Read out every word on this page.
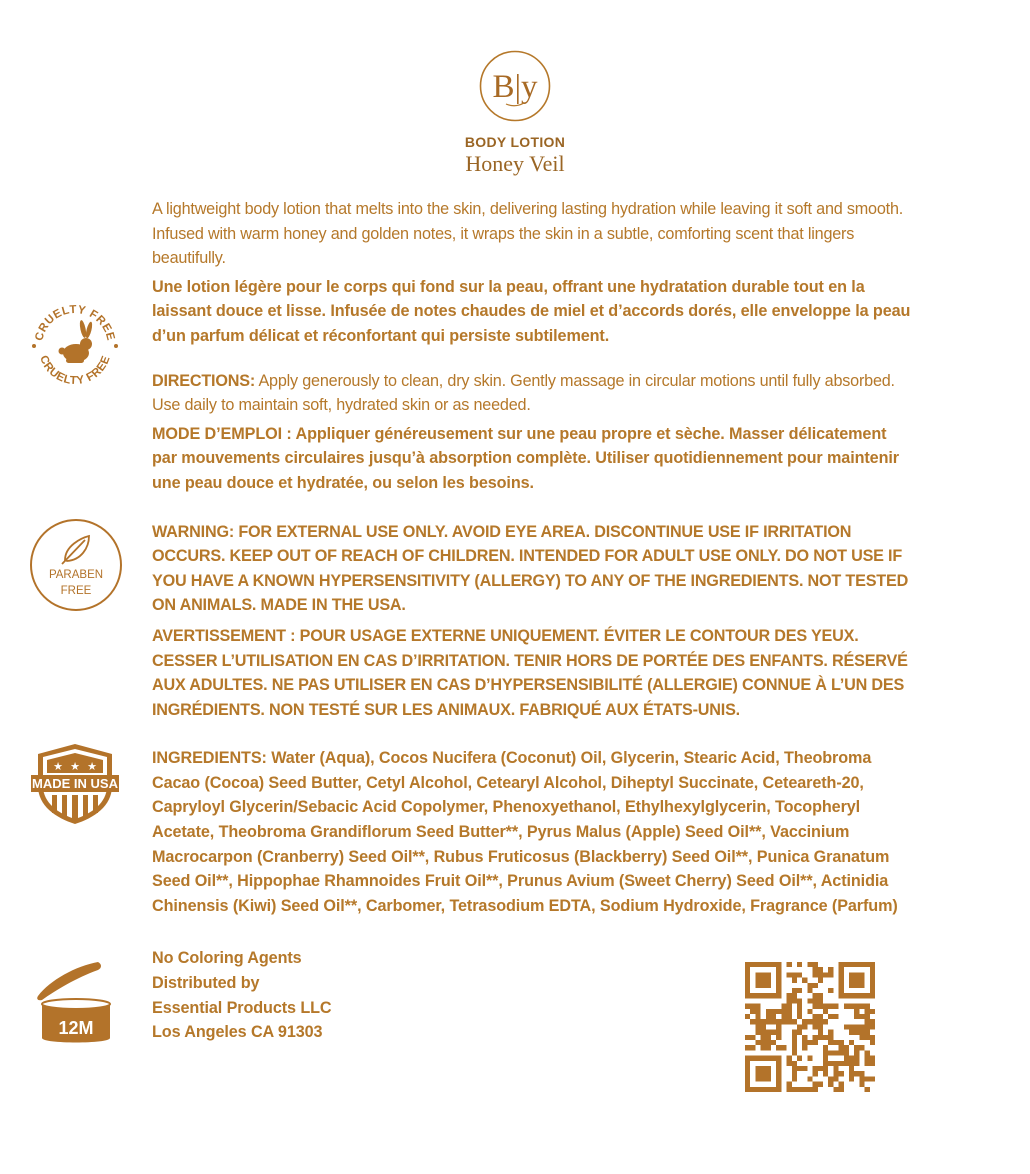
B|y
BODY LOTION
Honey Veil
CRUELTY FREE
CRUELTY FREE
PARABEN
FREE
★ ★ ★
MADE IN USA
12M

A lightweight body lotion that melts into the skin, delivering lasting hydration while leaving it soft and smooth. Infused with warm honey and golden notes, it wraps the skin in a subtle, comforting scent that lingers beautifully.

Une lotion légère pour le corps qui fond sur la peau, offrant une hydratation durable tout en la laissant douce et lisse. Infusée de notes chaudes de miel et d’accords dorés, elle enveloppe la peau d’un parfum délicat et réconfortant qui persiste subtilement.

DIRECTIONS: Apply generously to clean, dry skin. Gently massage in circular motions until fully absorbed. Use daily to maintain soft, hydrated skin or as needed.

MODE D’EMPLOI : Appliquer généreusement sur une peau propre et sèche. Masser délicatement par mouvements circulaires jusqu’à absorption complète. Utiliser quotidiennement pour maintenir une peau douce et hydratée, ou selon les besoins.

WARNING: FOR EXTERNAL USE ONLY. AVOID EYE AREA. DISCONTINUE USE IF IRRITATION OCCURS. KEEP OUT OF REACH OF CHILDREN. INTENDED FOR ADULT USE ONLY. DO NOT USE IF YOU HAVE A KNOWN HYPERSENSITIVITY (ALLERGY) TO ANY OF THE INGREDIENTS. NOT TESTED ON ANIMALS. MADE IN THE USA.

AVERTISSEMENT : POUR USAGE EXTERNE UNIQUEMENT. ÉVITER LE CONTOUR DES YEUX. CESSER L’UTILISATION EN CAS D’IRRITATION. TENIR HORS DE PORTÉE DES ENFANTS. RÉSERVÉ AUX ADULTES. NE PAS UTILISER EN CAS D’HYPERSENSIBILITÉ (ALLERGIE) CONNUE À L’UN DES INGRÉDIENTS. NON TESTÉ SUR LES ANIMAUX. FABRIQUÉ AUX ÉTATS-UNIS.

INGREDIENTS: Water (Aqua), Cocos Nucifera (Coconut) Oil, Glycerin, Stearic Acid, Theobroma Cacao (Cocoa) Seed Butter, Cetyl Alcohol, Cetearyl Alcohol, Diheptyl Succinate, Ceteareth-20, Capryloyl Glycerin/Sebacic Acid Copolymer, Phenoxyethanol, Ethylhexylglycerin, Tocopheryl Acetate, Theobroma Grandiflorum Seed Butter**, Pyrus Malus (Apple) Seed Oil**, Vaccinium Macrocarpon (Cranberry) Seed Oil**, Rubus Fruticosus (Blackberry) Seed Oil**, Punica Granatum Seed Oil**, Hippophae Rhamnoides Fruit Oil**, Prunus Avium (Sweet Cherry) Seed Oil**, Actinidia Chinensis (Kiwi) Seed Oil**, Carbomer, Tetrasodium EDTA, Sodium Hydroxide, Fragrance (Parfum)

No Coloring Agents

Distributed by

Essential Products LLC

Los Angeles CA 91303
